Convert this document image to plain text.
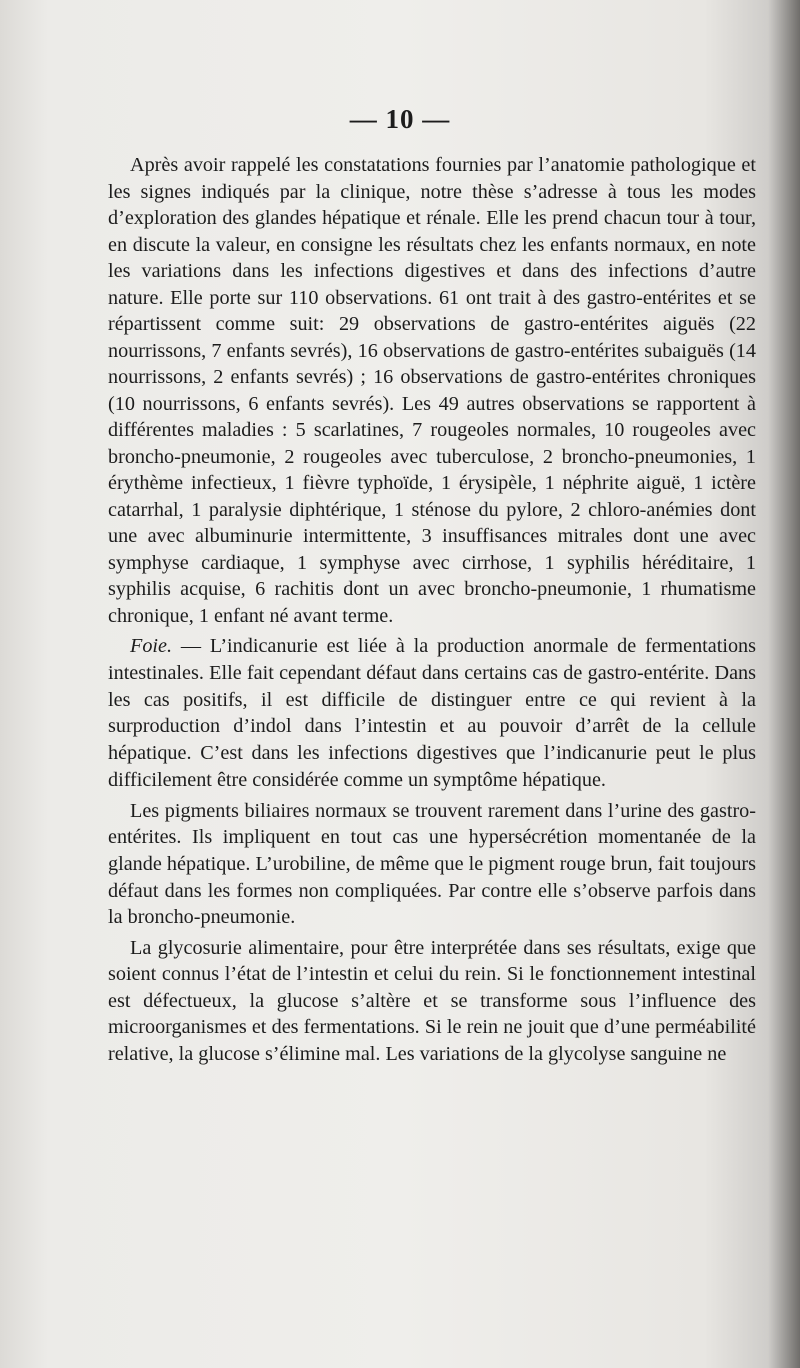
— 10 —

Après avoir rappelé les constatations fournies par l’anatomie pathologique et les signes indiqués par la clinique, notre thèse s’adresse à tous les modes d’exploration des glandes hépatique et rénale. Elle les prend chacun tour à tour, en discute la valeur, en consigne les résultats chez les enfants normaux, en note les variations dans les infections digestives et dans des infections d’autre nature. Elle porte sur 110 observations. 61 ont trait à des gastro-entérites et se répartissent comme suit: 29 observations de gastro-entérites aiguës (22 nourrissons, 7 enfants sevrés), 16 observations de gastro-entérites subaiguës (14 nourrissons, 2 enfants sevrés) ; 16 observations de gastro-entérites chroniques (10 nourrissons, 6 enfants sevrés). Les 49 autres observations se rapportent à différentes maladies : 5 scarlatines, 7 rougeoles normales, 10 rougeoles avec broncho-pneumonie, 2 rougeoles avec tuberculose, 2 broncho-pneumonies, 1 érythème infectieux, 1 fièvre typhoïde, 1 érysipèle, 1 néphrite aiguë, 1 ictère catarrhal, 1 paralysie diphtérique, 1 sténose du pylore, 2 chloro-anémies dont une avec albuminurie intermittente, 3 insuffisances mitrales dont une avec symphyse cardiaque, 1 symphyse avec cirrhose, 1 syphilis héréditaire, 1 syphilis acquise, 6 rachitis dont un avec broncho-pneumonie, 1 rhumatisme chronique, 1 enfant né avant terme.

Foie. — L’indicanurie est liée à la production anormale de fermentations intestinales. Elle fait cependant défaut dans certains cas de gastro-entérite. Dans les cas positifs, il est difficile de distinguer entre ce qui revient à la surproduction d’indol dans l’intestin et au pouvoir d’arrêt de la cellule hépatique. C’est dans les infections digestives que l’indicanurie peut le plus difficilement être considérée comme un symptôme hépatique.

Les pigments biliaires normaux se trouvent rarement dans l’urine des gastro-entérites. Ils impliquent en tout cas une hypersécrétion momentanée de la glande hépatique. L’urobiline, de même que le pigment rouge brun, fait toujours défaut dans les formes non compliquées. Par contre elle s’observe parfois dans la broncho-pneumonie.

La glycosurie alimentaire, pour être interprétée dans ses résultats, exige que soient connus l’état de l’intestin et celui du rein. Si le fonctionnement intestinal est défectueux, la glucose s’altère et se transforme sous l’influence des microorganismes et des fermentations. Si le rein ne jouit que d’une perméabilité relative, la glucose s’élimine mal. Les variations de la glycolyse sanguine ne
